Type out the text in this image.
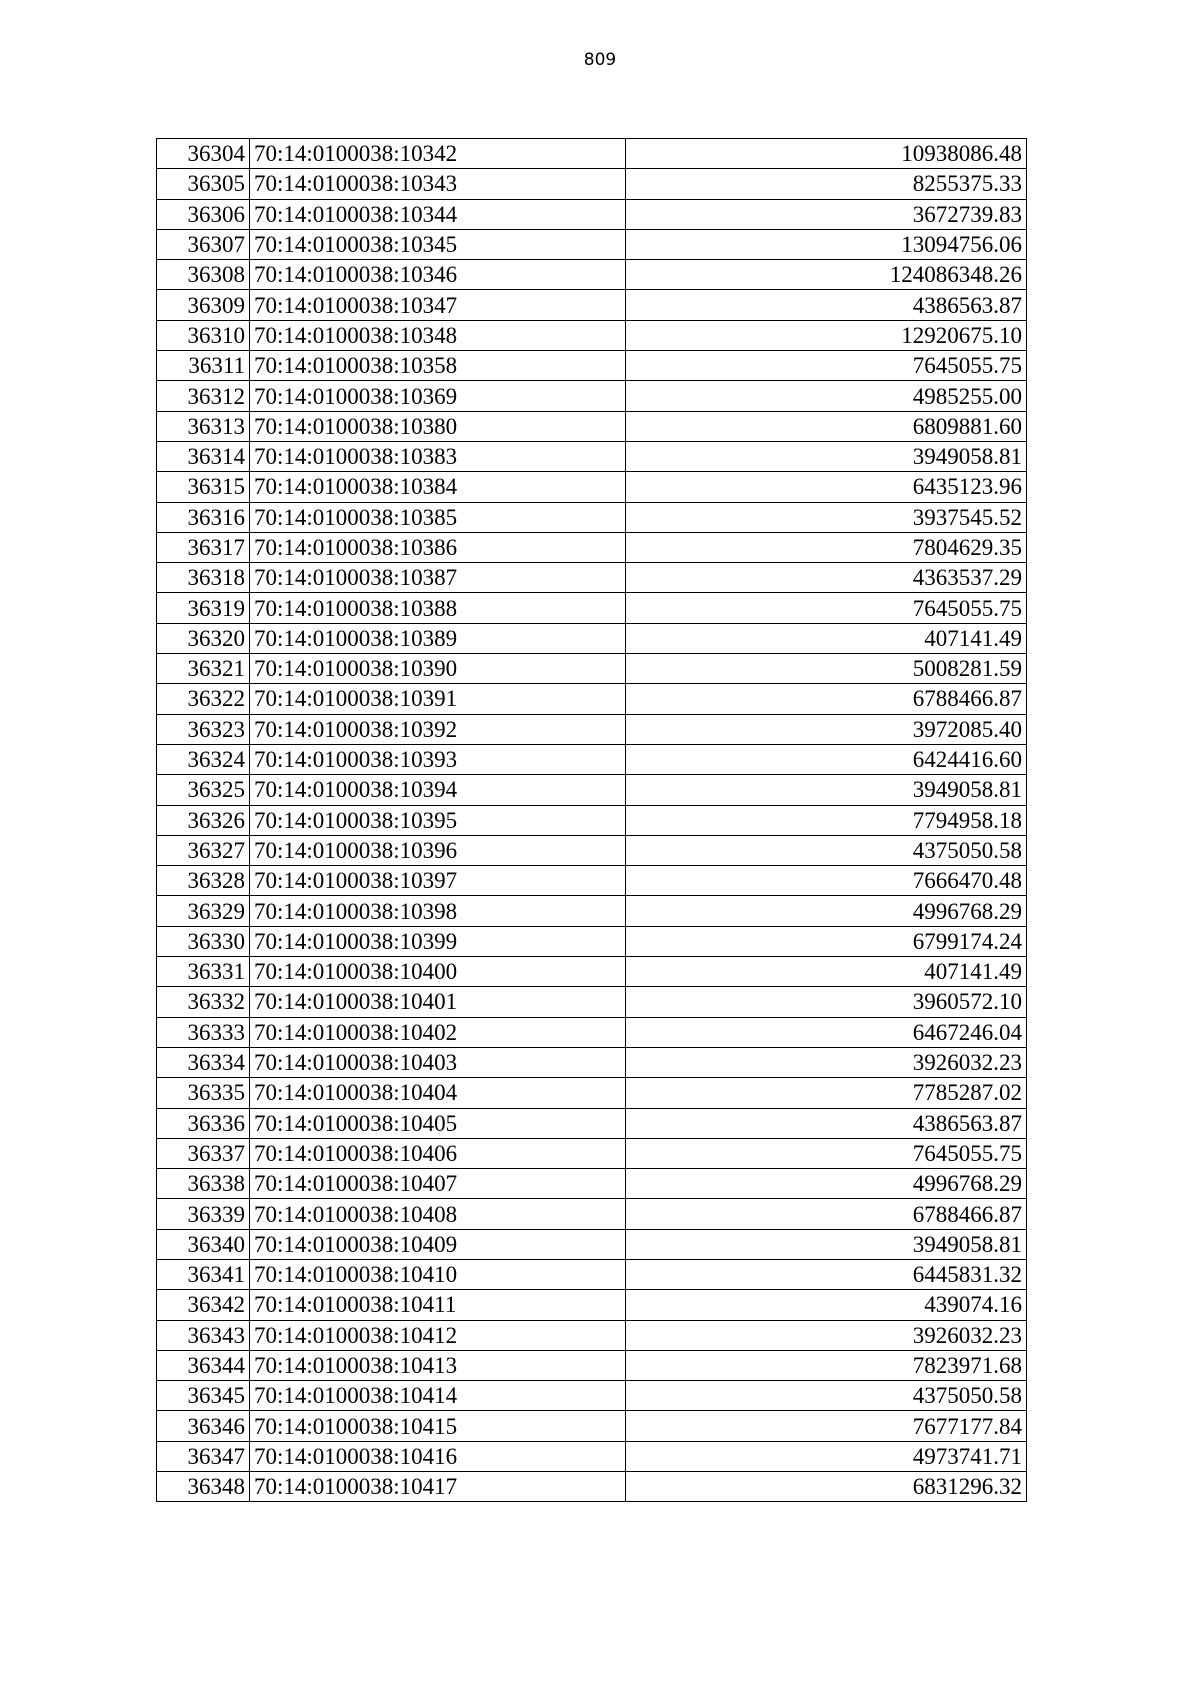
809
36304	70:14:0100038:10342	10938086.48
36305	70:14:0100038:10343	8255375.33
36306	70:14:0100038:10344	3672739.83
36307	70:14:0100038:10345	13094756.06
36308	70:14:0100038:10346	124086348.26
36309	70:14:0100038:10347	4386563.87
36310	70:14:0100038:10348	12920675.10
36311	70:14:0100038:10358	7645055.75
36312	70:14:0100038:10369	4985255.00
36313	70:14:0100038:10380	6809881.60
36314	70:14:0100038:10383	3949058.81
36315	70:14:0100038:10384	6435123.96
36316	70:14:0100038:10385	3937545.52
36317	70:14:0100038:10386	7804629.35
36318	70:14:0100038:10387	4363537.29
36319	70:14:0100038:10388	7645055.75
36320	70:14:0100038:10389	407141.49
36321	70:14:0100038:10390	5008281.59
36322	70:14:0100038:10391	6788466.87
36323	70:14:0100038:10392	3972085.40
36324	70:14:0100038:10393	6424416.60
36325	70:14:0100038:10394	3949058.81
36326	70:14:0100038:10395	7794958.18
36327	70:14:0100038:10396	4375050.58
36328	70:14:0100038:10397	7666470.48
36329	70:14:0100038:10398	4996768.29
36330	70:14:0100038:10399	6799174.24
36331	70:14:0100038:10400	407141.49
36332	70:14:0100038:10401	3960572.10
36333	70:14:0100038:10402	6467246.04
36334	70:14:0100038:10403	3926032.23
36335	70:14:0100038:10404	7785287.02
36336	70:14:0100038:10405	4386563.87
36337	70:14:0100038:10406	7645055.75
36338	70:14:0100038:10407	4996768.29
36339	70:14:0100038:10408	6788466.87
36340	70:14:0100038:10409	3949058.81
36341	70:14:0100038:10410	6445831.32
36342	70:14:0100038:10411	439074.16
36343	70:14:0100038:10412	3926032.23
36344	70:14:0100038:10413	7823971.68
36345	70:14:0100038:10414	4375050.58
36346	70:14:0100038:10415	7677177.84
36347	70:14:0100038:10416	4973741.71
36348	70:14:0100038:10417	6831296.32
